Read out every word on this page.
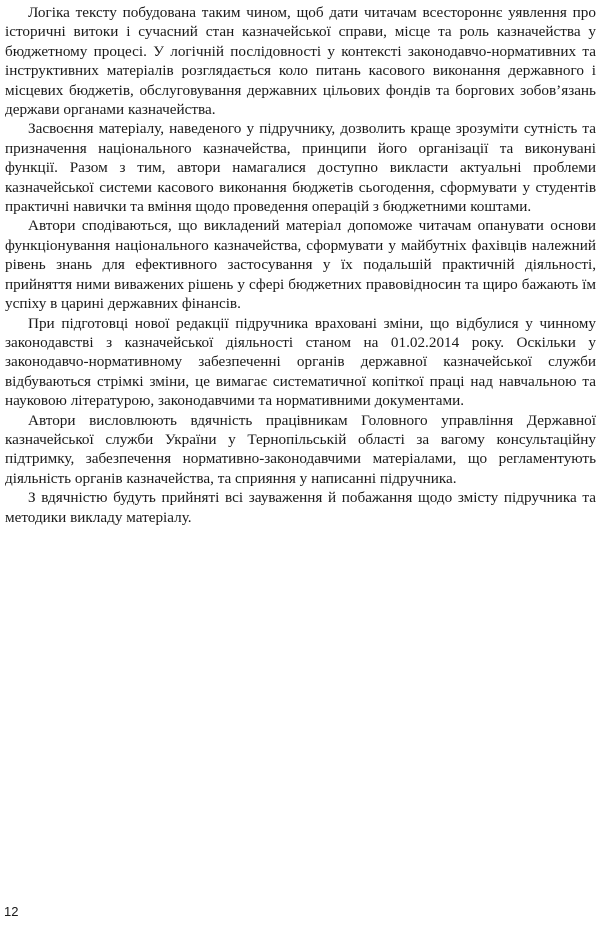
Логіка тексту побудована таким чином, щоб дати читачам всестороннє уявлення про історичні витоки і сучасний стан казначейської справи, місце та роль казначейства у бюджетному процесі. У логічній послідовності у контексті законодавчо-нормативних та інструктивних матеріалів розглядається коло питань касового виконання державного і місцевих бюджетів, обслуговування державних цільових фондів та боргових зобов’язань держави органами казначейства.

Засвоєння матеріалу, наведеного у підручнику, дозволить краще зрозуміти сутність та призначення національного казначейства, принципи його організації та виконувані функції. Разом з тим, автори намагалися доступно викласти актуальні проблеми казначейської системи касового виконання бюджетів сьогодення, сформувати у студентів практичні навички та вміння щодо проведення операцій з бюджетними коштами.

Автори сподіваються, що викладений матеріал допоможе читачам опанувати основи функціонування національного казначейства, сформувати у майбутніх фахівців належний рівень знань для ефективного застосування у їх подальшій практичній діяльності, прийняття ними виважених рішень у сфері бюджетних правовідносин та щиро бажають їм успіху в царині державних фінансів.

При підготовці нової редакції підручника враховані зміни, що відбулися у чинному законодавстві з казначейської діяльності станом на 01.02.2014 року. Оскільки у законодавчо-нормативному забезпеченні органів державної казначейської служби відбуваються стрімкі зміни, це вимагає систематичної копіткої праці над навчальною та науковою літературою, законодавчими та нормативними документами.

Автори висловлюють вдячність працівникам Головного управління Державної казначейської служби України у Тернопільській області за вагому консультаційну підтримку, забезпечення нормативно-законодавчими матеріалами, що регламентують діяльність органів казначейства, та сприяння у написанні підручника.

З вдячністю будуть прийняті всі зауваження й побажання щодо змісту підручника та методики викладу матеріалу.

12
